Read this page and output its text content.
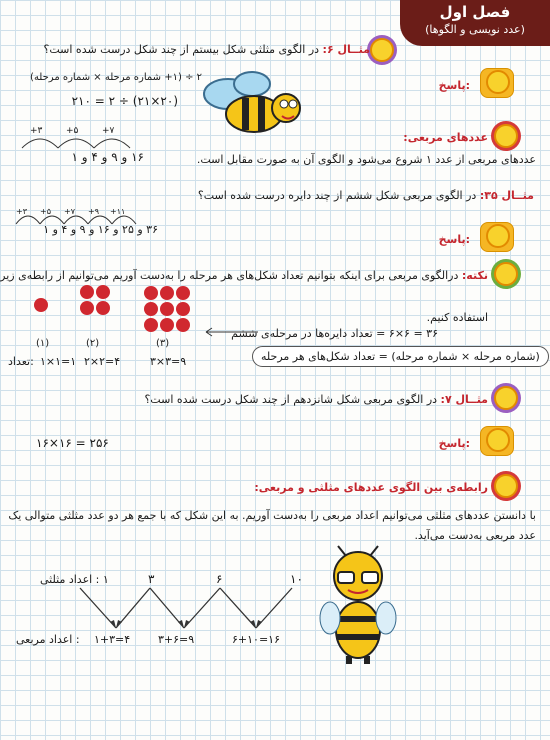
فصل اول
(عدد نویسی و الگوها)
مثــال ۶: در الگوی مثلثی شکل بیستم از چند شکل درست شده است؟
۲ ÷ (۱+ شماره مرحله × شماره مرحله)
(۲۰×۲۱) ÷ ۲ = ۲۱۰
پاسخ:
+۳	+۵	+۷
۱۶ و ۹ و ۴ و ۱
عددهای مربعی:
عددهای مربعی از عدد ۱ شروع می‌شود و الگوی آن به صورت مقابل است.
مثــال ۳۵: در الگوی مربعی شکل ششم از چند دایره درست شده است؟
+۳ +۵ +۷ +۹ +۱۱
۳۶ و ۲۵ و ۱۶ و ۹ و ۴ و ۱
پاسخ:
نکته: درالگوی مربعی برای اینکه بتوانیم تعداد شکل‌های هر مرحله را به‌دست آوریم می‌توانیم از رابطه‌ی زیر
استفاده کنیم.
(۱)	(۲)	(۳)
تعداد: ۱×۱=۱ ۲×۲=۴	۳×۳=۹
۳۶ = ۶×۶ = تعداد دایره‌ها در مرحله‌ی ششم
(شماره مرحله × شماره مرحله) = تعداد شکل‌های هر مرحله
مثــال ۷: در الگوی مربعی شکل شانزدهم از چند شکل درست شده است؟
پاسخ:
۱۶×۱۶ = ۲۵۶
رابطه‌ی بین الگوی عددهای مثلثی و مربعی:
با دانستن عددهای مثلثی می‌توانیم اعداد مربعی را به‌دست آوریم. به این شکل که با جمع هر دو عدد مثلثی متوالی یک
عدد مربعی به‌دست می‌آید.
۱ : اعداد مثلثی	۳	۶	۱۰
: اعداد مربعی ۱+۳=۴	۳+۶=۹	۶+۱۰=۱۶
